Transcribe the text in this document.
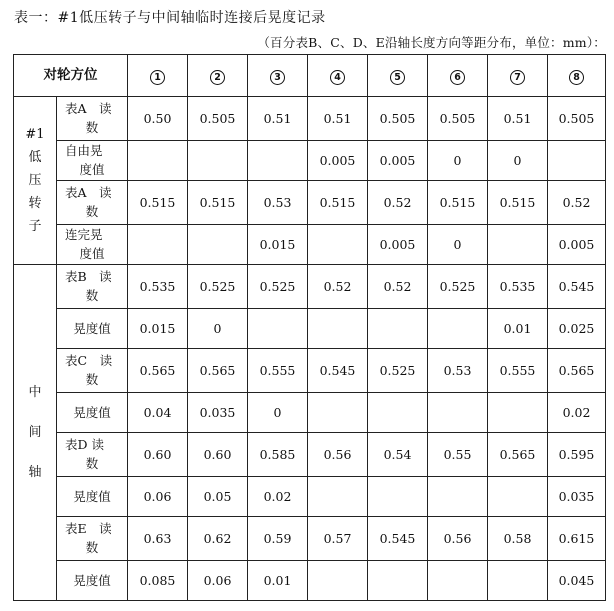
表一：#1低压转子与中间轴临时连接后晃度记录
（百分表B、C、D、E沿轴长度方向等距分布，单位：mm）：
对轮方位		1	2	3	4	5	6	7	8

#1
低
压
转
子	表A　读
数	0.50	0.505	0.51	0.51	0.505	0.505	0.51	0.505

	自由晃
度值				0.005	0.005	0	0	

	表A　读
数	0.515	0.515	0.53	0.515	0.52	0.515	0.515	0.52

	连完晃
度值			0.015		0.005	0		0.005

中
间
轴	表B　读
数	0.535	0.525	0.525	0.52	0.52	0.525	0.535	0.545
	晃度值	0.015	0					0.01	0.025

	表C　读
数	0.565	0.565	0.555	0.545	0.525	0.53	0.555	0.565
	晃度值	0.04	0.035	0					0.02

	表D 读
数	0.60	0.60	0.585	0.56	0.54	0.55	0.565	0.595
	晃度值	0.06	0.05	0.02					0.035

	表E　读
数	0.63	0.62	0.59	0.57	0.545	0.56	0.58	0.615
	晃度值	0.085	0.06	0.01					0.045
